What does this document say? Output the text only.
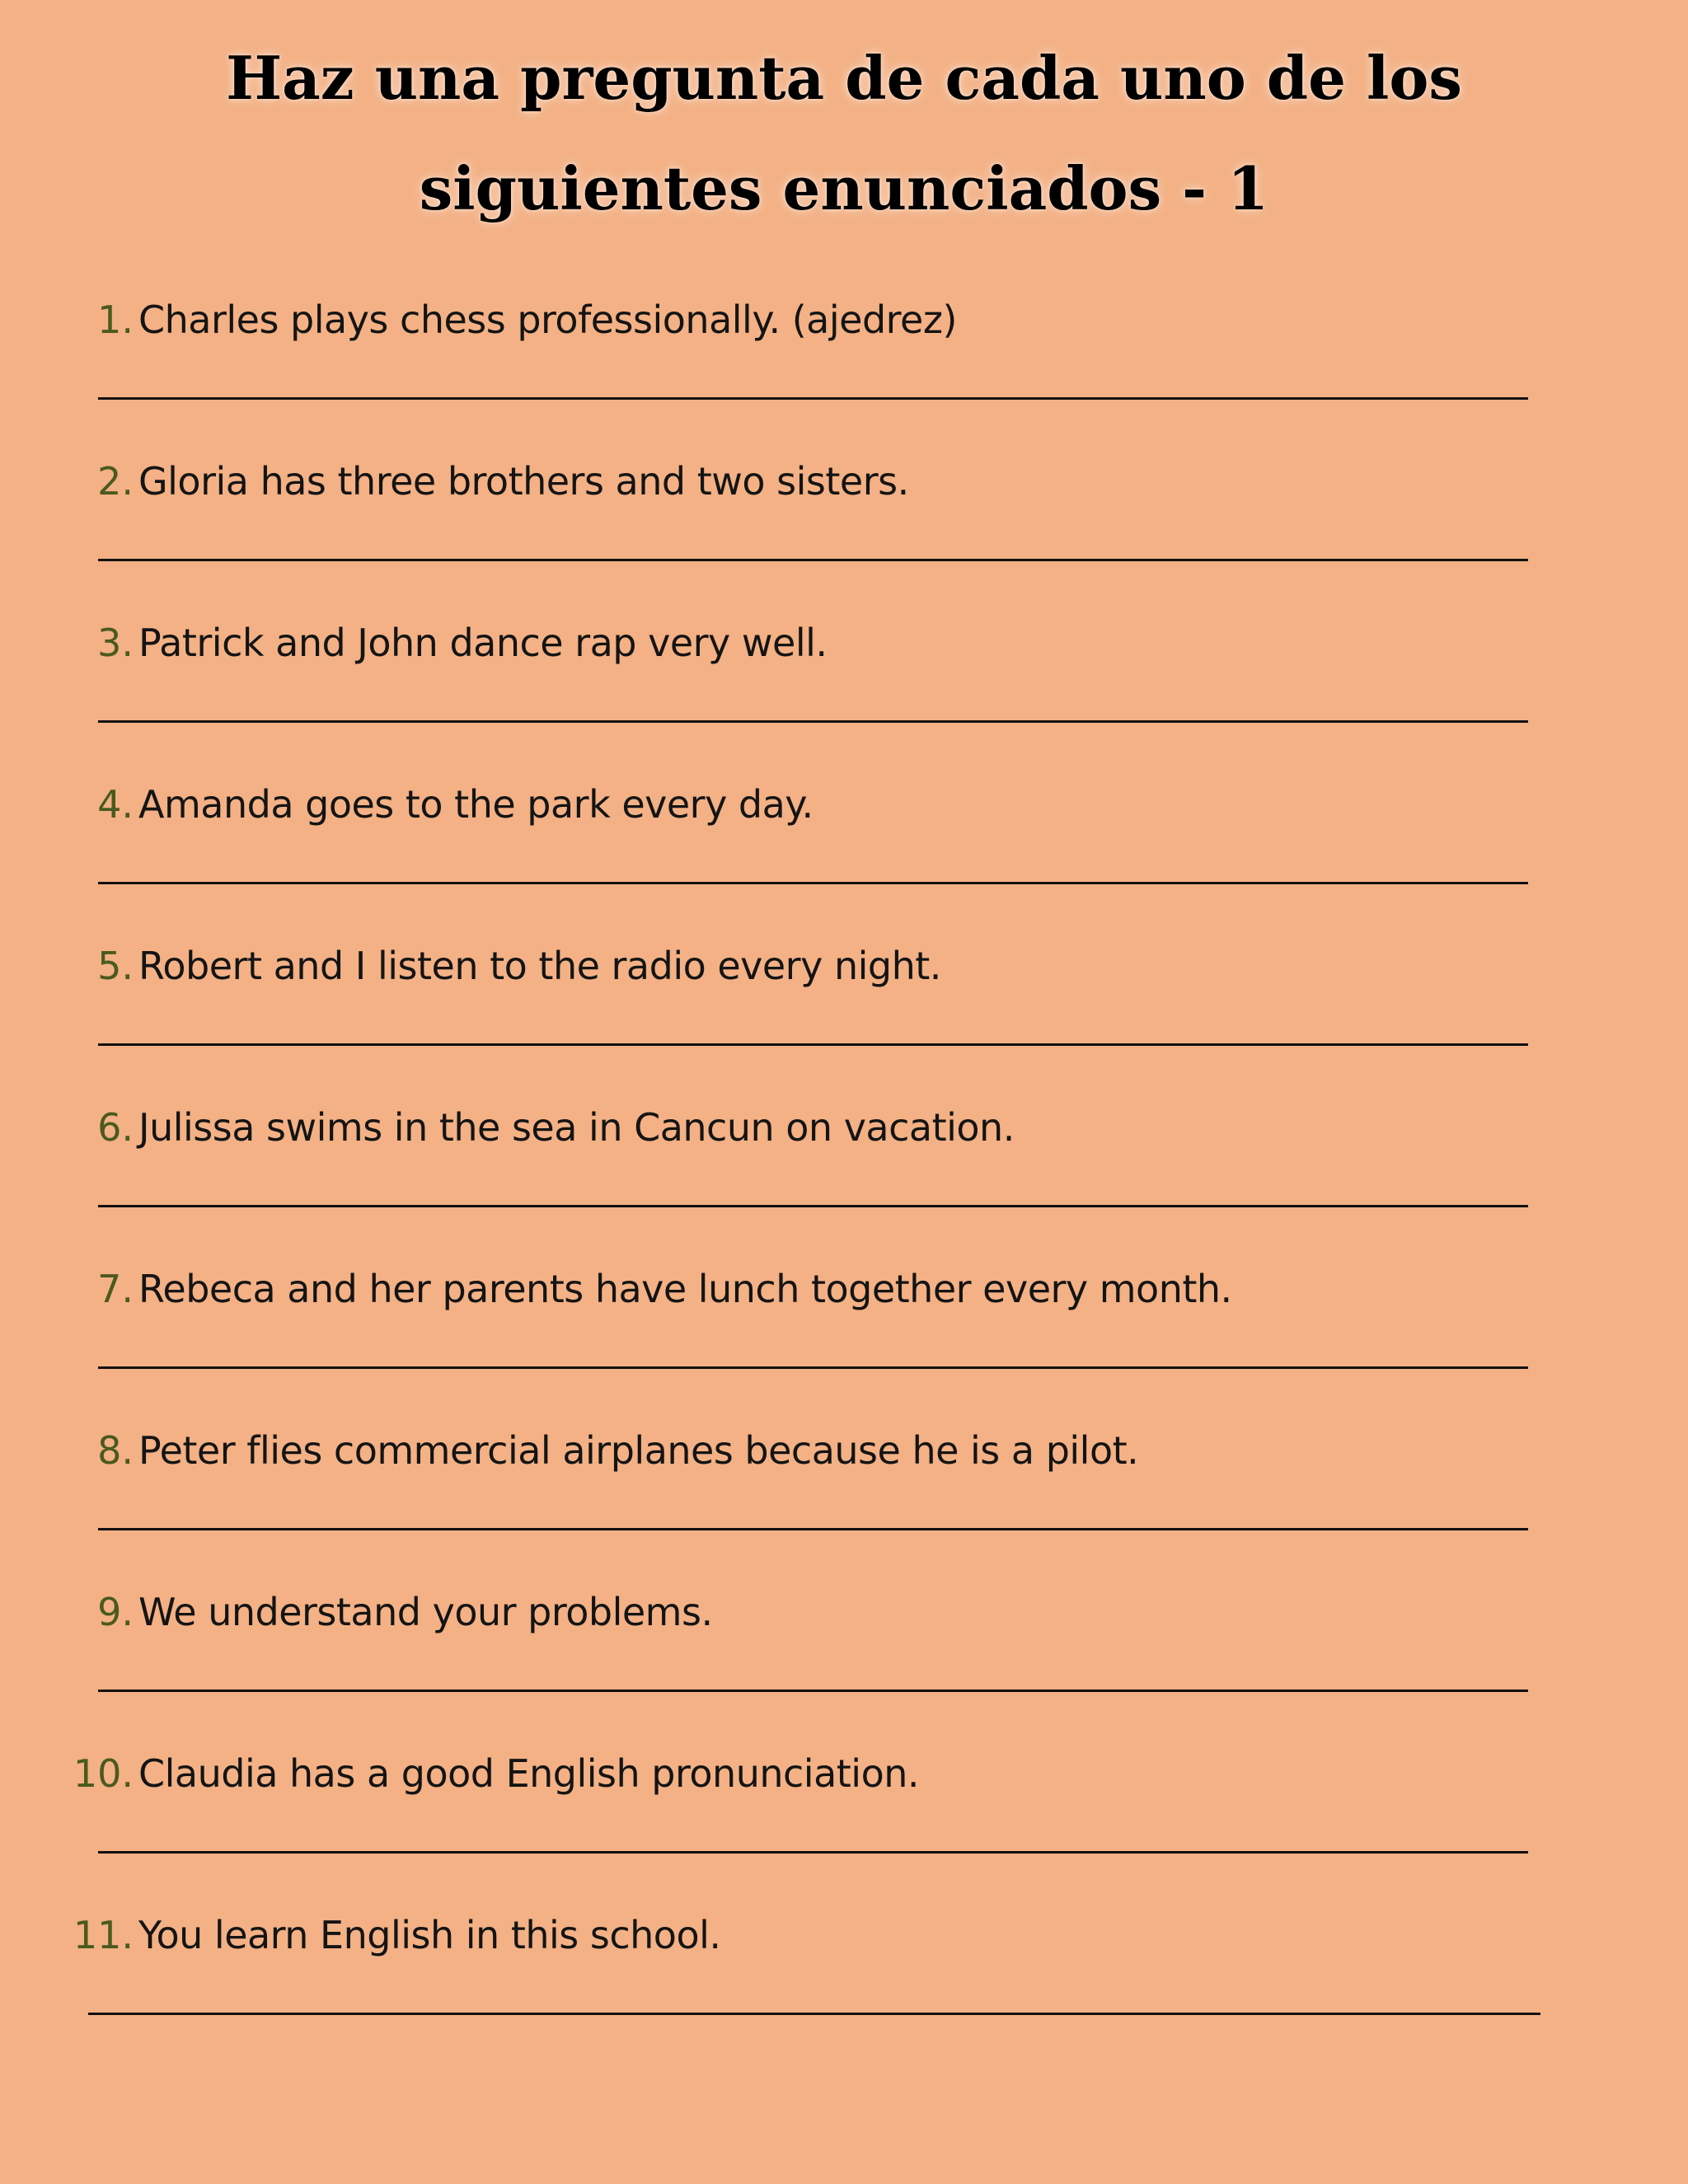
Haz una pregunta de cada uno de los
siguientes enunciados - 1
1. Charles plays chess professionally. (ajedrez)
2. Gloria has three brothers and two sisters.
3. Patrick and John dance rap very well.
4. Amanda goes to the park every day.
5. Robert and I listen to the radio every night.
6. Julissa swims in the sea in Cancun on vacation.
7. Rebeca and her parents have lunch together every month.
8. Peter flies commercial airplanes because he is a pilot.
9. We understand your problems.
10. Claudia has a good English pronunciation.
11. You learn English in this school.
